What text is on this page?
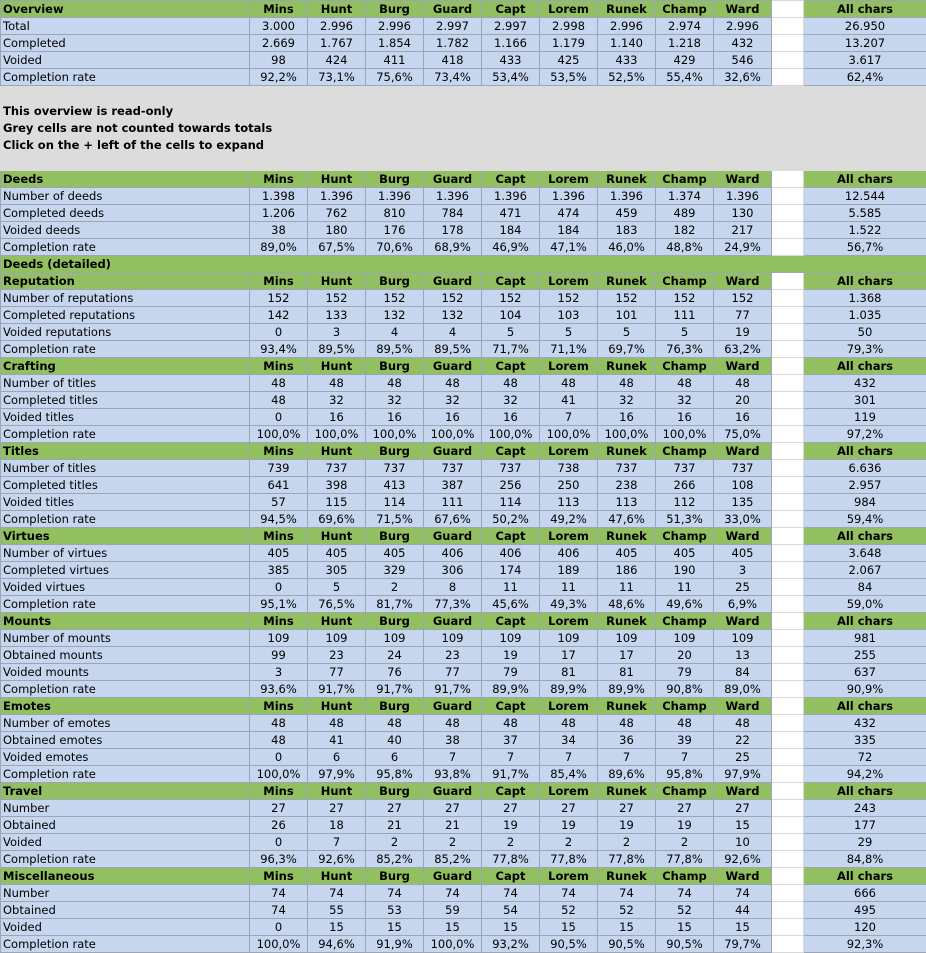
Overview	Mins	Hunt	Burg	Guard	Capt	Lorem	Runek	Champ	Ward		All chars
Total	3.000	2.996	2.996	2.997	2.997	2.998	2.996	2.974	2.996		26.950
Completed	2.669	1.767	1.854	1.782	1.166	1.179	1.140	1.218	432		13.207
Voided	98	424	411	418	433	425	433	429	546		3.617
Completion rate	92,2%	73,1%	75,6%	73,4%	53,4%	53,5%	52,5%	55,4%	32,6%		62,4%

This overview is read-only											
Grey cells are not counted towards totals											
Click on the + left of the cells to expand											

Deeds	Mins	Hunt	Burg	Guard	Capt	Lorem	Runek	Champ	Ward		All chars
Number of deeds	1.398	1.396	1.396	1.396	1.396	1.396	1.396	1.374	1.396		12.544
Completed deeds	1.206	762	810	784	471	474	459	489	130		5.585
Voided deeds	38	180	176	178	184	184	183	182	217		1.522
Completion rate	89,0%	67,5%	70,6%	68,9%	46,9%	47,1%	46,0%	48,8%	24,9%		56,7%
Deeds (detailed)											
Reputation	Mins	Hunt	Burg	Guard	Capt	Lorem	Runek	Champ	Ward		All chars
Number of reputations	152	152	152	152	152	152	152	152	152		1.368
Completed reputations	142	133	132	132	104	103	101	111	77		1.035
Voided reputations	0	3	4	4	5	5	5	5	19		50
Completion rate	93,4%	89,5%	89,5%	89,5%	71,7%	71,1%	69,7%	76,3%	63,2%		79,3%
Crafting	Mins	Hunt	Burg	Guard	Capt	Lorem	Runek	Champ	Ward		All chars
Number of titles	48	48	48	48	48	48	48	48	48		432
Completed titles	48	32	32	32	32	41	32	32	20		301
Voided titles	0	16	16	16	16	7	16	16	16		119
Completion rate	100,0%	100,0%	100,0%	100,0%	100,0%	100,0%	100,0%	100,0%	75,0%		97,2%
Titles	Mins	Hunt	Burg	Guard	Capt	Lorem	Runek	Champ	Ward		All chars
Number of titles	739	737	737	737	737	738	737	737	737		6.636
Completed titles	641	398	413	387	256	250	238	266	108		2.957
Voided titles	57	115	114	111	114	113	113	112	135		984
Completion rate	94,5%	69,6%	71,5%	67,6%	50,2%	49,2%	47,6%	51,3%	33,0%		59,4%
Virtues	Mins	Hunt	Burg	Guard	Capt	Lorem	Runek	Champ	Ward		All chars
Number of virtues	405	405	405	406	406	406	405	405	405		3.648
Completed virtues	385	305	329	306	174	189	186	190	3		2.067
Voided virtues	0	5	2	8	11	11	11	11	25		84
Completion rate	95,1%	76,5%	81,7%	77,3%	45,6%	49,3%	48,6%	49,6%	6,9%		59,0%
Mounts	Mins	Hunt	Burg	Guard	Capt	Lorem	Runek	Champ	Ward		All chars
Number of mounts	109	109	109	109	109	109	109	109	109		981
Obtained mounts	99	23	24	23	19	17	17	20	13		255
Voided mounts	3	77	76	77	79	81	81	79	84		637
Completion rate	93,6%	91,7%	91,7%	91,7%	89,9%	89,9%	89,9%	90,8%	89,0%		90,9%
Emotes	Mins	Hunt	Burg	Guard	Capt	Lorem	Runek	Champ	Ward		All chars
Number of emotes	48	48	48	48	48	48	48	48	48		432
Obtained emotes	48	41	40	38	37	34	36	39	22		335
Voided emotes	0	6	6	7	7	7	7	7	25		72
Completion rate	100,0%	97,9%	95,8%	93,8%	91,7%	85,4%	89,6%	95,8%	97,9%		94,2%
Travel	Mins	Hunt	Burg	Guard	Capt	Lorem	Runek	Champ	Ward		All chars
Number	27	27	27	27	27	27	27	27	27		243
Obtained	26	18	21	21	19	19	19	19	15		177
Voided	0	7	2	2	2	2	2	2	10		29
Completion rate	96,3%	92,6%	85,2%	85,2%	77,8%	77,8%	77,8%	77,8%	92,6%		84,8%
Miscellaneous	Mins	Hunt	Burg	Guard	Capt	Lorem	Runek	Champ	Ward		All chars
Number	74	74	74	74	74	74	74	74	74		666
Obtained	74	55	53	59	54	52	52	52	44		495
Voided	0	15	15	15	15	15	15	15	15		120
Completion rate	100,0%	94,6%	91,9%	100,0%	93,2%	90,5%	90,5%	90,5%	79,7%		92,3%
